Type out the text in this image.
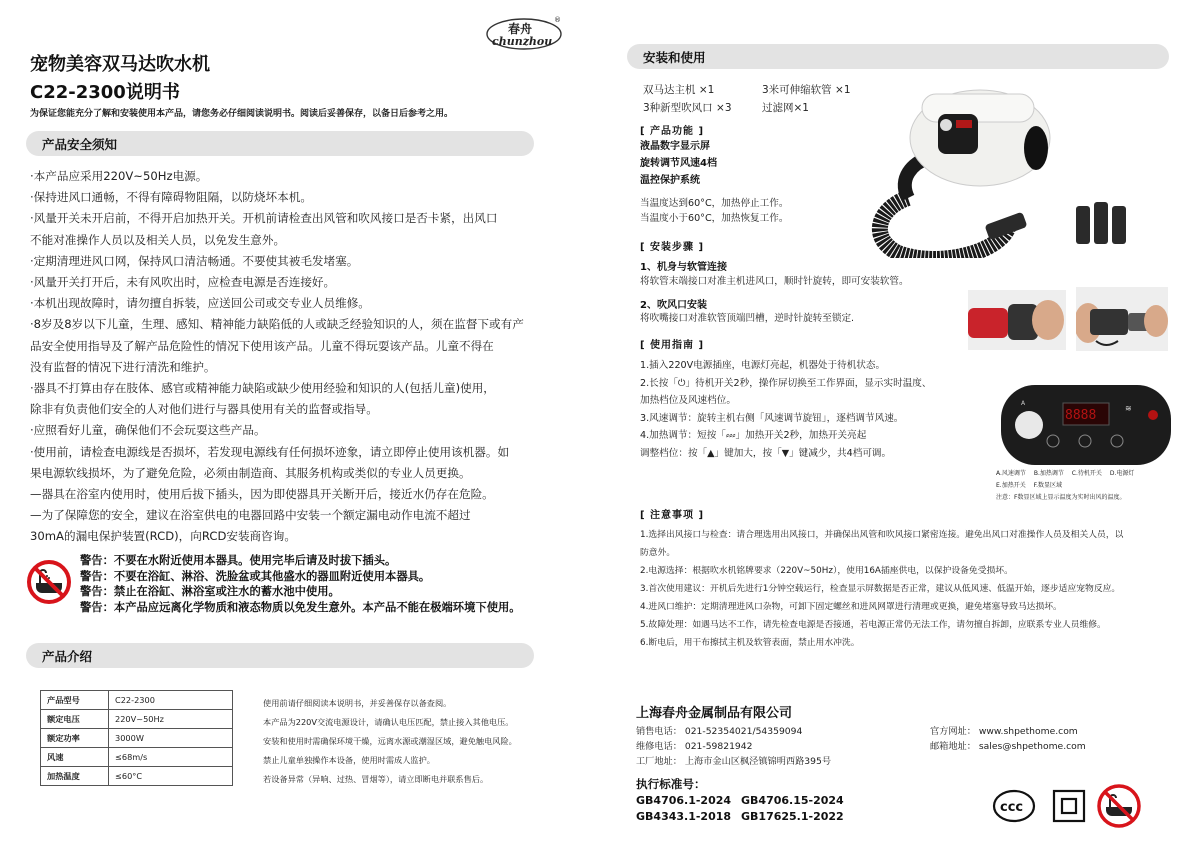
春舟
chunzhou
®
宠物美容双马达吹水机
C22-2300说明书
为保证您能充分了解和安装使用本产品，请您务必仔细阅读说明书。阅读后妥善保存，以备日后参考之用。
产品安全须知

·本产品应采用220V~50Hz电源。

·保持进风口通畅，不得有障碍物阻隔，以防烧坏本机。

·风量开关未开启前，不得开启加热开关。开机前请检查出风管和吹风接口是否卡紧，出风口

不能对准操作人员以及相关人员，以免发生意外。

·定期清理进风口网，保持风口清洁畅通。不要使其被毛发堵塞。

·风量开关打开后，未有风吹出时，应检查电源是否连接好。

·本机出现故障时，请勿擅自拆装，应送回公司或交专业人员维修。

·8岁及8岁以下儿童，生理、感知、精神能力缺陷低的人或缺乏经验知识的人，须在监督下或有产

品安全使用指导及了解产品危险性的情况下使用该产品。儿童不得玩耍该产品。儿童不得在

没有监督的情况下进行清洗和维护。

·器具不打算由存在肢体、感官或精神能力缺陷或缺少使用经验和知识的人(包括儿童)使用，

除非有负责他们安全的人对他们进行与器具使用有关的监督或指导。

·应照看好儿童，确保他们不会玩耍这些产品。

·使用前，请检查电源线是否损坏，若发现电源线有任何损坏迹象，请立即停止使用该机器。如

果电源软线损坏，为了避免危险，必须由制造商、其服务机构或类似的专业人员更换。

—器具在浴室内使用时，使用后拔下插头，因为即使器具开关断开后，接近水仍存在危险。

—为了保障您的安全，建议在浴室供电的电器回路中安装一个额定漏电动作电流不超过

30mA的漏电保护装置(RCD)，向RCD安装商咨询。

警告：不要在水附近使用本器具。使用完毕后请及时拔下插头。
警告：不要在浴缸、淋浴、洗脸盆或其他盛水的器皿附近使用本器具。
警告：禁止在浴缸、淋浴室或注水的蓄水池中使用。
警告：本产品应远离化学物质和液态物质以免发生意外。本产品不能在极端环境下使用。
产品介绍
产品型号	C22-2300
额定电压	220V~50Hz
额定功率	3000W
风速	≤68m/s
加热温度	≤60°C
使用前请仔细阅读本说明书，并妥善保存以备查阅。
本产品为220V交流电源设计，请确认电压匹配，禁止接入其他电压。
安装和使用时需确保环境干燥，远离水源或潮湿区域，避免触电风险。
禁止儿童单独操作本设备，使用时需成人监护。
若设备异常（异响、过热、冒烟等），请立即断电并联系售后。
安装和使用
双马达主机 ×1	3米可伸缩软管 ×1
3种新型吹风口 ×3	过滤网×1
[ 产品功能 ]
液晶数字显示屏
旋转调节风速4档
温控保护系统
当温度达到60°C，加热停止工作。
当温度小于60°C，加热恢复工作。
[ 安装步骤 ]
1、机身与软管连接
将软管末端接口对准主机进风口，顺时针旋转，即可安装软管。
2、吹风口安装
将吹嘴接口对准软管顶端凹槽，逆时针旋转至锁定.
[ 使用指南 ]
1.插入220V电源插座，电源灯亮起，机器处于待机状态。
2.长按「⏻」待机开关2秒，操作屏切换至工作界面，显示实时温度、
加热档位及风速档位。
3.风速调节：旋转主机右侧「风速调节旋钮」，逐档调节风速。
4.加热调节：短按「⸗⸗⸗」加热开关2秒，加热开关亮起
调整档位：按「▲」键加大，按「▼」键减少，共4档可调。
A
8888	≋
A.风速调节 B.加热调节 C.待机开关 D.电源灯
E.加热开关 F.数显区域
注意：F数显区域上显示温度为实时出风的温度。
[ 注意事项 ]
1.选择出风接口与检查：请合理选用出风接口，并确保出风管和吹风接口紧密连接。避免出风口对准操作人员及相关人员，以
防意外。
2.电源选择：根据吹水机铭牌要求（220V~50Hz），使用16A插座供电，以保护设备免受损坏。
3.首次使用建议：开机后先进行1分钟空载运行，检查显示屏数据是否正常，建议从低风速、低温开始，逐步适应宠物反应。
4.进风口维护：定期清理进风口杂物，可卸下固定螺丝和进风网罩进行清理或更换，避免堵塞导致马达损坏。
5.故障处理：如遇马达不工作，请先检查电源是否接通，若电源正常仍无法工作，请勿擅自拆卸，应联系专业人员维修。
6.断电后，用干布擦拭主机及软管表面，禁止用水冲洗。
上海春舟金属制品有限公司
销售电话： 021-52354021/54359094
维修电话： 021-59821942
工厂地址： 上海市金山区枫泾镇锦明西路395号
官方网址： www.shpethome.com
邮箱地址： sales@shpethome.com
执行标准号：
GB4706.1-2024 GB4706.15-2024
GB4343.1-2018 GB17625.1-2022
ccc
